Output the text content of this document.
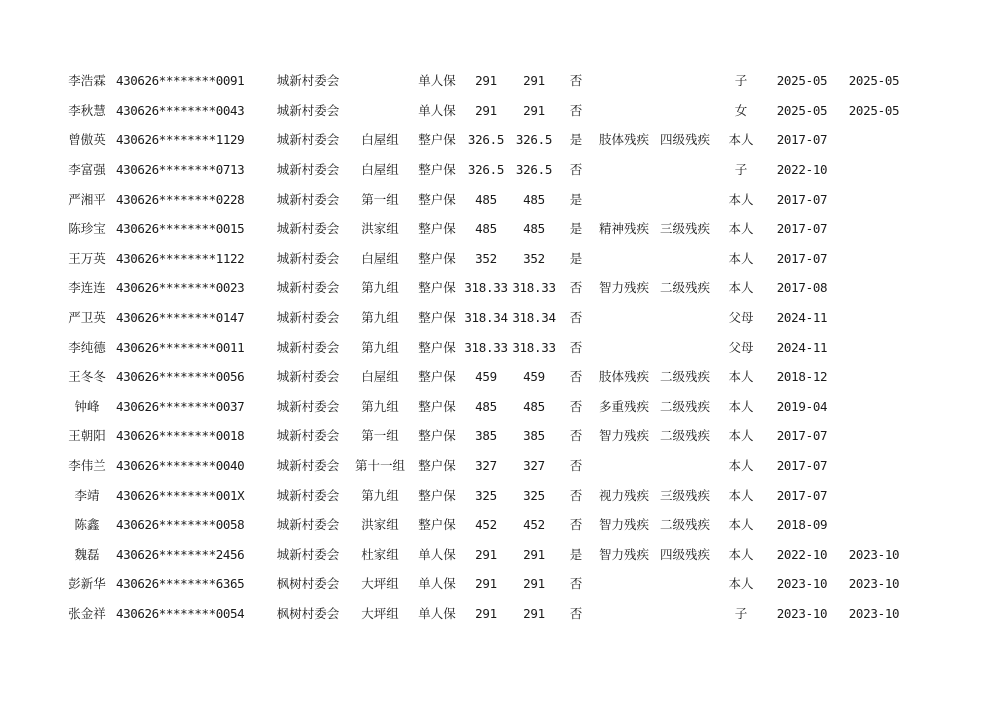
李浩霖	430626********0091	城新村委会		单人保	291	291	否			子	2025-05	2025-05
李秋慧	430626********0043	城新村委会		单人保	291	291	否			女	2025-05	2025-05
曾傲英	430626********1129	城新村委会	白屋组	整户保	326.5	326.5	是	肢体残疾	四级残疾	本人	2017-07	
李富强	430626********0713	城新村委会	白屋组	整户保	326.5	326.5	否			子	2022-10	
严湘平	430626********0228	城新村委会	第一组	整户保	485	485	是			本人	2017-07	
陈珍宝	430626********0015	城新村委会	洪家组	整户保	485	485	是	精神残疾	三级残疾	本人	2017-07	
王万英	430626********1122	城新村委会	白屋组	整户保	352	352	是			本人	2017-07	
李连连	430626********0023	城新村委会	第九组	整户保	318.33	318.33	否	智力残疾	二级残疾	本人	2017-08	
严卫英	430626********0147	城新村委会	第九组	整户保	318.34	318.34	否			父母	2024-11	
李纯德	430626********0011	城新村委会	第九组	整户保	318.33	318.33	否			父母	2024-11	
王冬冬	430626********0056	城新村委会	白屋组	整户保	459	459	否	肢体残疾	二级残疾	本人	2018-12	
钟峰	430626********0037	城新村委会	第九组	整户保	485	485	否	多重残疾	二级残疾	本人	2019-04	
王朝阳	430626********0018	城新村委会	第一组	整户保	385	385	否	智力残疾	二级残疾	本人	2017-07	
李伟兰	430626********0040	城新村委会	第十一组	整户保	327	327	否			本人	2017-07	
李靖	430626********001X	城新村委会	第九组	整户保	325	325	否	视力残疾	三级残疾	本人	2017-07	
陈鑫	430626********0058	城新村委会	洪家组	整户保	452	452	否	智力残疾	二级残疾	本人	2018-09	
魏磊	430626********2456	城新村委会	杜家组	单人保	291	291	是	智力残疾	四级残疾	本人	2022-10	2023-10
彭新华	430626********6365	枫树村委会	大坪组	单人保	291	291	否			本人	2023-10	2023-10
张金祥	430626********0054	枫树村委会	大坪组	单人保	291	291	否			子	2023-10	2023-10
